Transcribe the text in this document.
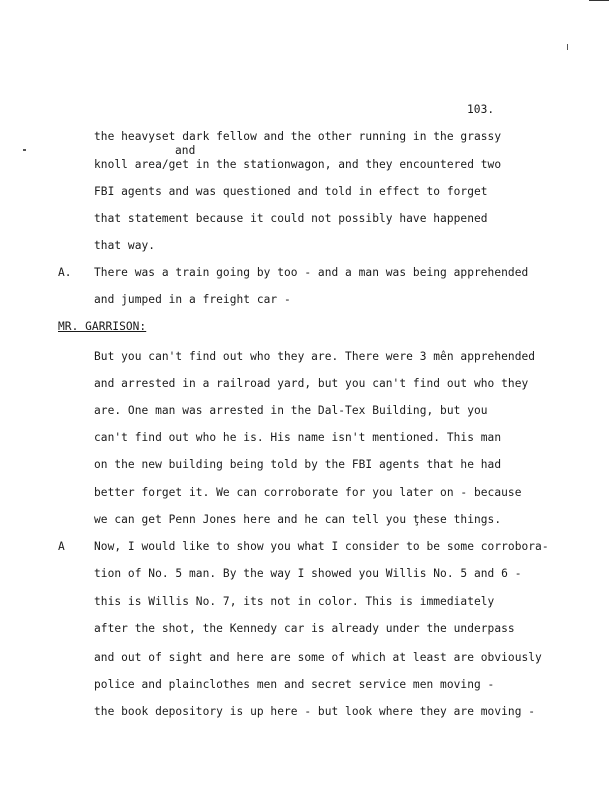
103.
the heavyset dark fellow and the other running in the grassy
and
knoll area/get in the stationwagon, and they encountered two
FBI agents and was questioned and told in effect to forget
that statement because it could not possibly have happened
that way.
A. There was a train going by too - and a man was being apprehended
and jumped in a freight car -
MR. GARRISON:
But you can't find out who they are. There were 3 mên apprehended
and arrested in a railroad yard, but you can't find out who they
are. One man was arrested in the Dal-Tex Building, but you
can't find out who he is. His name isn't mentioned. This man
on the new building being told by the FBI agents that he had
better forget it. We can corroborate for you later on - because
we can get Penn Jones here and he can tell you ţhese things.
A	Now, I would like to show you what I consider to be some corrobora-
tion of No. 5 man. By the way I showed you Willis No. 5 and 6 -
this is Willis No. 7, its not in color. This is immediately
after the shot, the Kennedy car is already under the underpass
and out of sight and here are some of which at least are obviously
police and plainclothes men and secret service men moving -
the book depository is up here - but look where they are moving -
